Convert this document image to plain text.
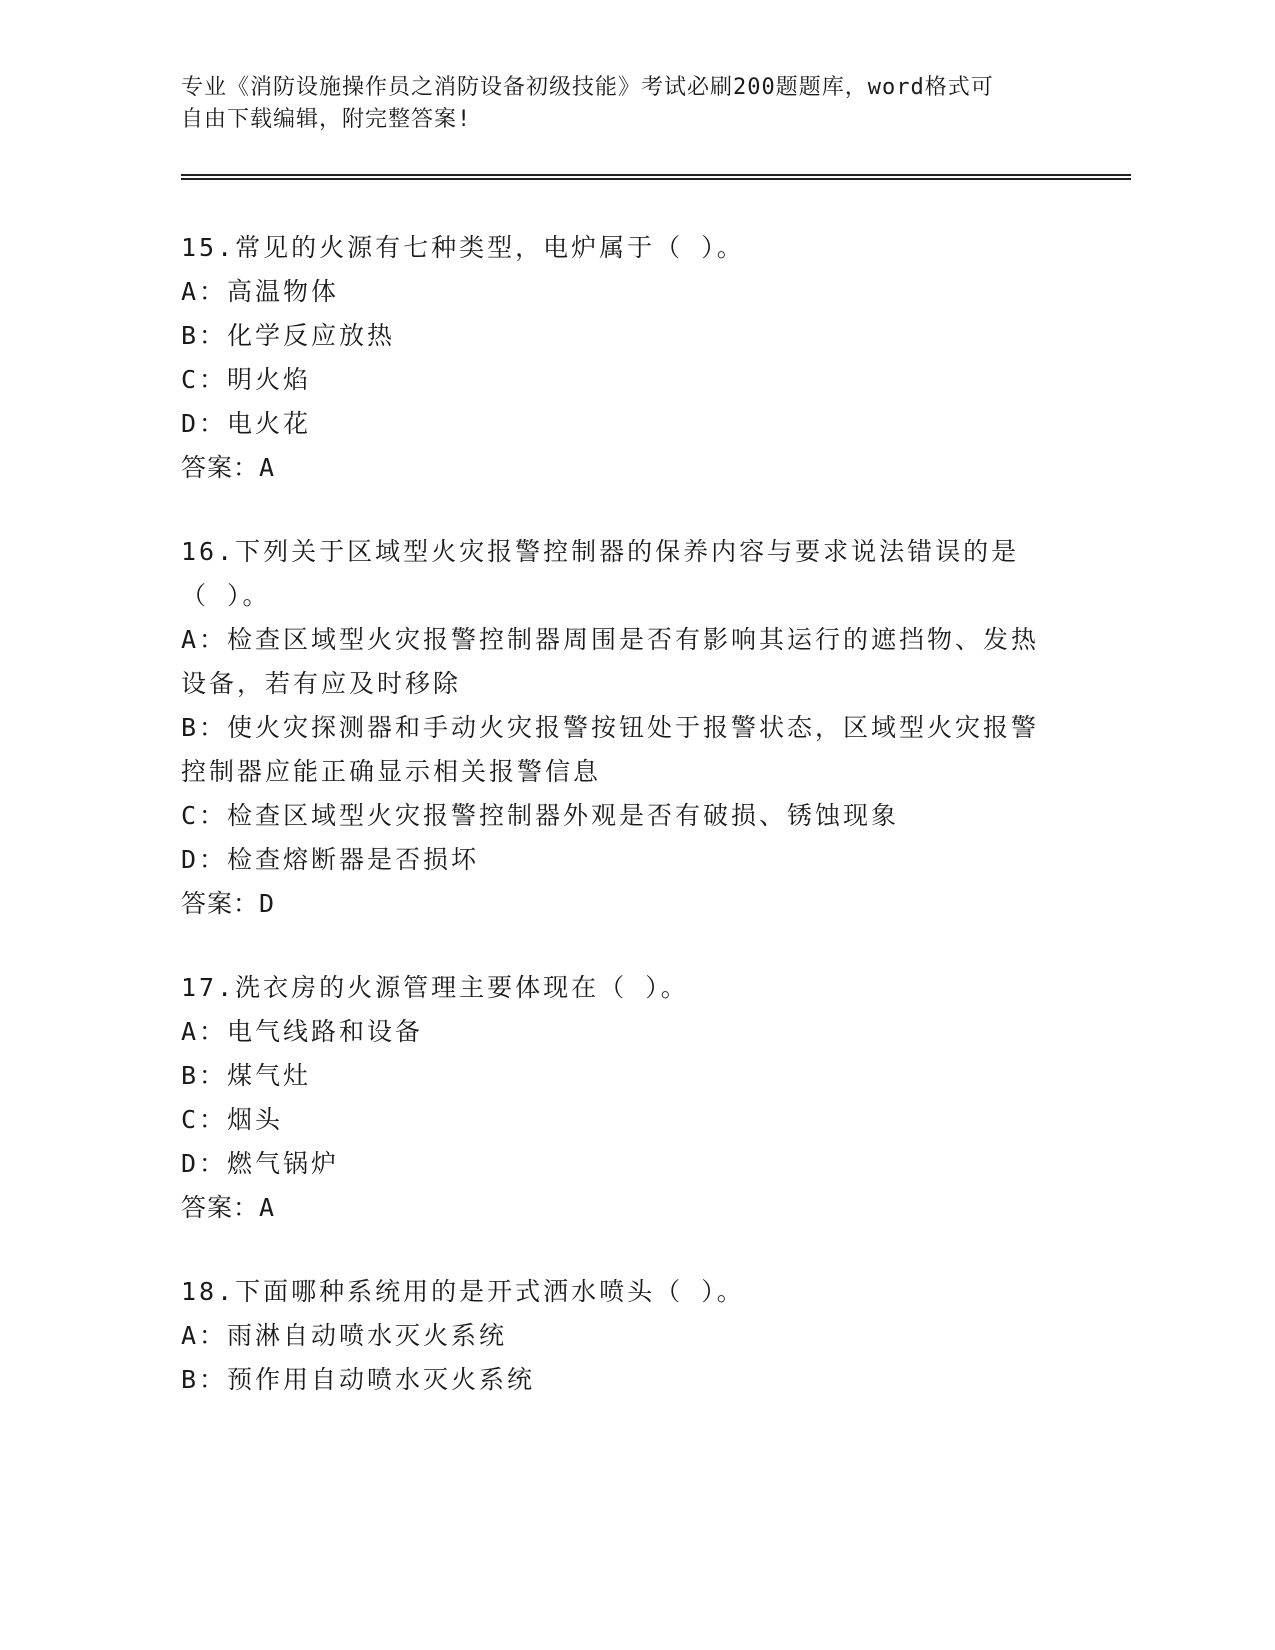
专业《消防设施操作员之消防设备初级技能》考试必刷200题题库，word格式可
自由下载编辑，附完整答案!
15.常见的火源有七种类型，电炉属于（ ）。
A：高温物体
B：化学反应放热
C：明火焰
D：电火花
答案：A
16.下列关于区域型火灾报警控制器的保养内容与要求说法错误的是（ ）。
A：检查区域型火灾报警控制器周围是否有影响其运行的遮挡物、发热设备，若有应及时移除
B：使火灾探测器和手动火灾报警按钮处于报警状态，区域型火灾报警控制器应能正确显示相关报警信息
C：检查区域型火灾报警控制器外观是否有破损、锈蚀现象
D：检查熔断器是否损坏
答案：D
17.洗衣房的火源管理主要体现在（ ）。
A：电气线路和设备
B：煤气灶
C：烟头
D：燃气锅炉
答案：A
18.下面哪种系统用的是开式洒水喷头（ ）。
A：雨淋自动喷水灭火系统
B：预作用自动喷水灭火系统
